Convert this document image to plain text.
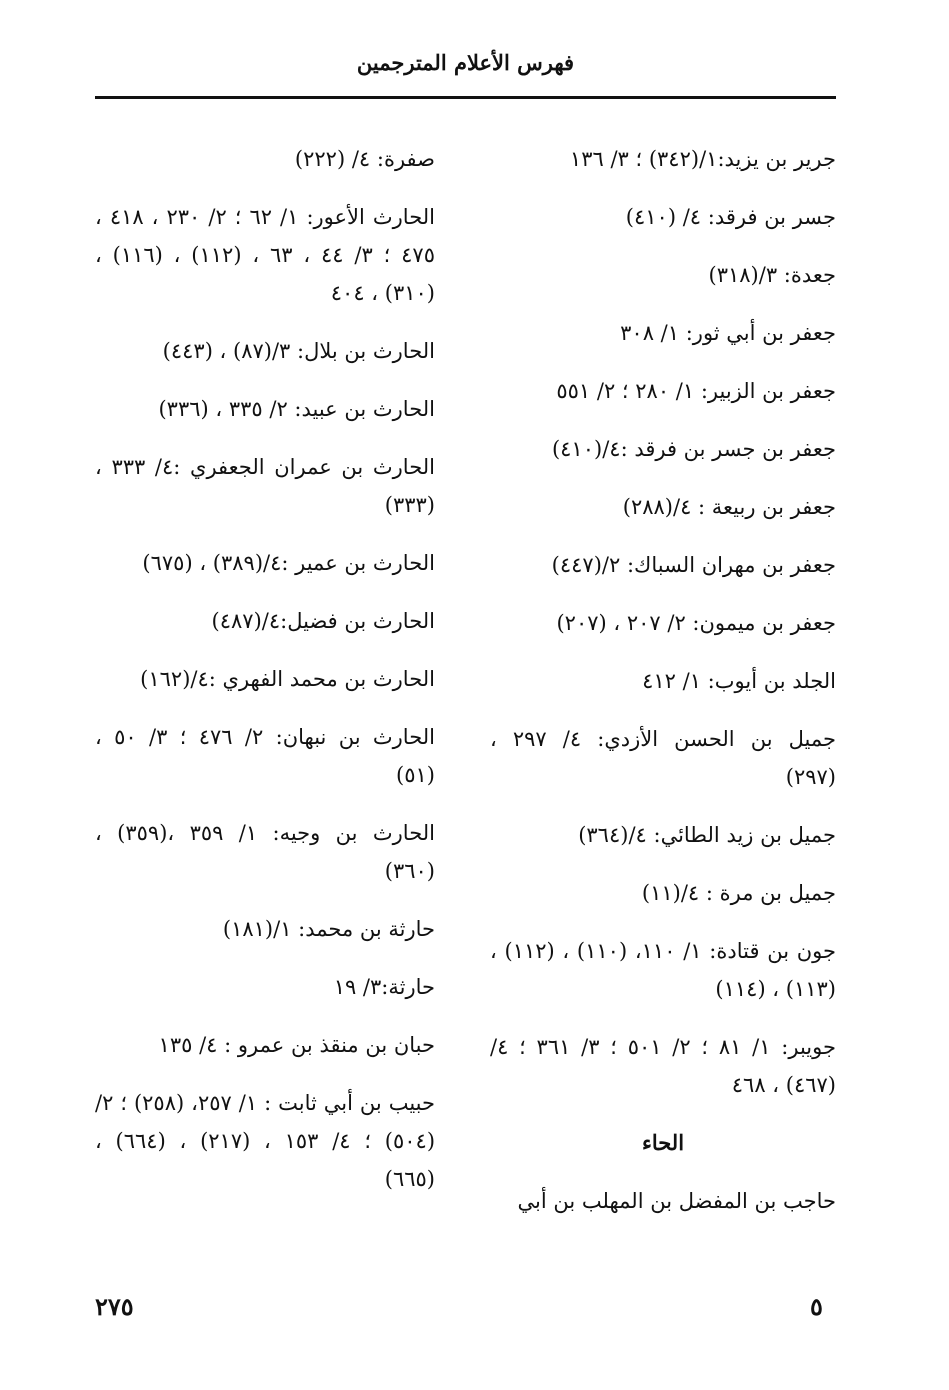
فهرس الأعلام المترجمين

جرير بن يزيد:١/(٣٤٢) ؛ ٣/ ١٣٦

جسر بن فرقد: ٤/ (٤١٠)

جعدة: ٣/(٣١٨)

جعفر بن أبي ثور: ١/ ٣٠٨

جعفر بن الزبير: ١/ ٢٨٠ ؛ ٢/ ٥٥١

جعفر بن جسر بن فرقد :٤/(٤١٠)

جعفر بن ربيعة : ٤/(٢٨٨)

جعفر بن مهران السباك: ٢/(٤٤٧)

جعفر بن ميمون: ٢/ ٢٠٧ ، (٢٠٧)

الجلد بن أيوب: ١/ ٤١٢

جميل بن الحسن الأزدي: ٤/ ٢٩٧ ، (٢٩٧)

جميل بن زيد الطائي: ٤/(٣٦٤)

جميل بن مرة : ٤/(١١)

جون بن قتادة: ١/ ١١٠، (١١٠) ، (١١٢) ، (١١٣) ، (١١٤)

جويبر: ١/ ٨١ ؛ ٢/ ٥٠١ ؛ ٣/ ٣٦١ ؛ ٤/ (٤٦٧) ، ٤٦٨

الحاء

حاجب بن المفضل بن المهلب بن أبي

صفرة: ٤/ (٢٢٢)

الحارث الأعور: ١/ ٦٢ ؛ ٢/ ٢٣٠ ، ٤١٨ ، ٤٧٥ ؛ ٣/ ٤٤ ، ٦٣ ، (١١٢) ، (١١٦) ، (٣١٠) ، ٤٠٤

الحارث بن بلال: ٣/(٨٧) ، (٤٤٣)

الحارث بن عبيد: ٢/ ٣٣٥ ، (٣٣٦)

الحارث بن عمران الجعفري :٤/ ٣٣٣ ، (٣٣٣)

الحارث بن عمير :٤/(٣٨٩) ، (٦٧٥)

الحارث بن فضيل:٤/(٤٨٧)

الحارث بن محمد الفهري :٤/(١٦٢)

الحارث بن نبهان: ٢/ ٤٧٦ ؛ ٣/ ٥٠ ، (٥١)

الحارث بن وجيه: ١/ ٣٥٩ ،(٣٥٩) ، (٣٦٠)

حارثة بن محمد: ١/(١٨١)

حارثة:٣/ ١٩

حبان بن منقذ بن عمرو : ٤/ ١٣٥

حبيب بن أبي ثابت : ١/ ٢٥٧، (٢٥٨) ؛ ٢/ (٥٠٤) ؛ ٤/ ١٥٣ ، (٢١٧) ، (٦٦٤) ، (٦٦٥)

٢٧٥	٥
